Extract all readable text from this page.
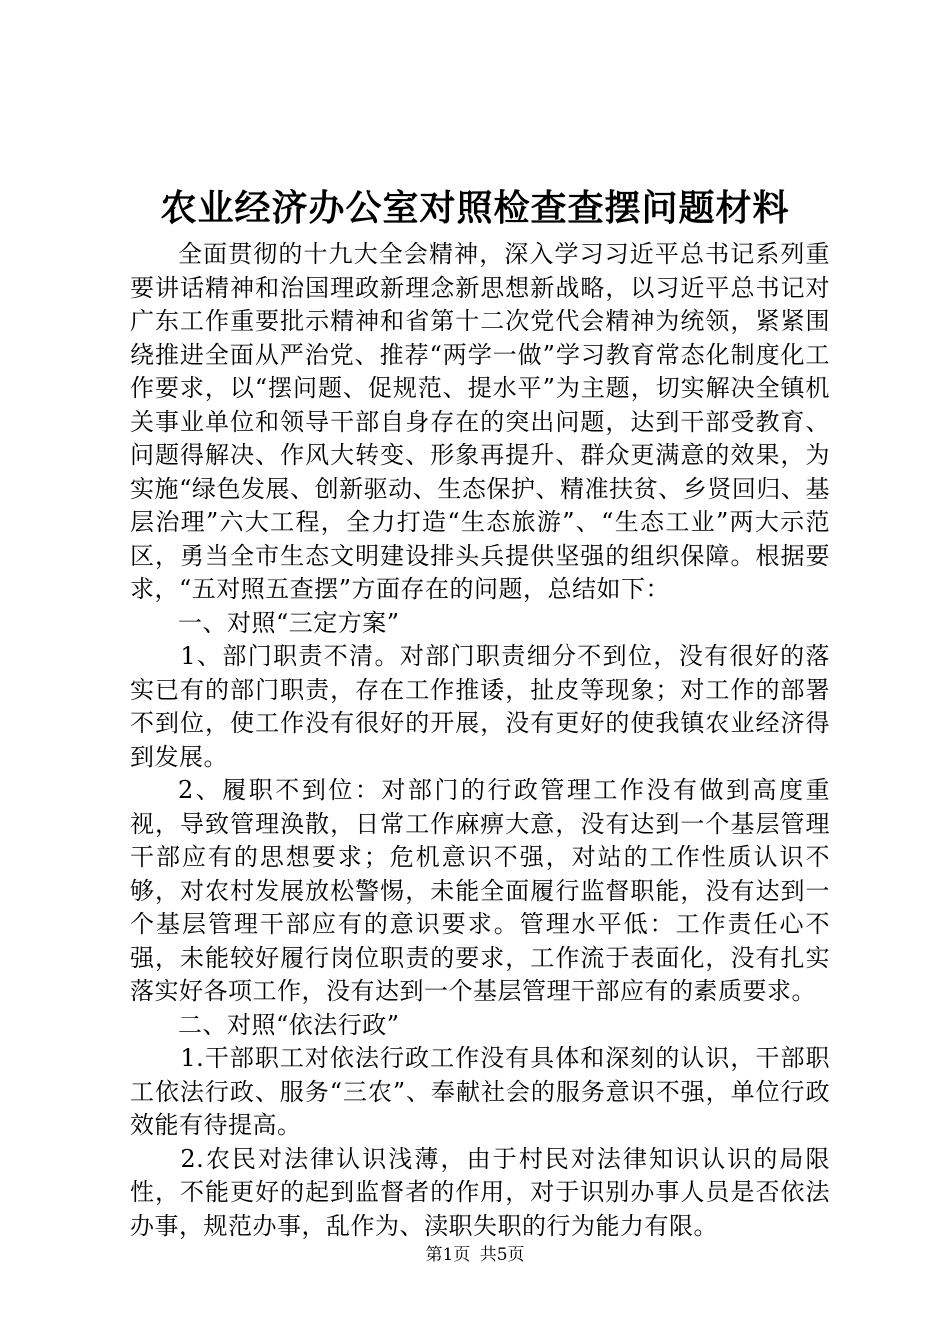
农业经济办公室对照检查查摆问题材料

全面贯彻的十九大全会精神，深入学习习近平总书记系列重要讲话精神和治国理政新理念新思想新战略，以习近平总书记对广东工作重要批示精神和省第十二次党代会精神为统领，紧紧围绕推进全面从严治党、推荐“两学一做”学习教育常态化制度化工作要求，以“摆问题、促规范、提水平”为主题，切实解决全镇机关事业单位和领导干部自身存在的突出问题，达到干部受教育、问题得解决、作风大转变、形象再提升、群众更满意的效果，为实施“绿色发展、创新驱动、生态保护、精准扶贫、乡贤回归、基层治理”六大工程，全力打造“生态旅游”、“生态工业”两大示范区，勇当全市生态文明建设排头兵提供坚强的组织保障。根据要求，“五对照五查摆”方面存在的问题，总结如下：

一、对照“三定方案”

1、部门职责不清。对部门职责细分不到位，没有很好的落实已有的部门职责，存在工作推诿，扯皮等现象；对工作的部署不到位，使工作没有很好的开展，没有更好的使我镇农业经济得到发展。

2、履职不到位：对部门的行政管理工作没有做到高度重视，导致管理涣散，日常工作麻痹大意，没有达到一个基层管理干部应有的思想要求；危机意识不强，对站的工作性质认识不够，对农村发展放松警惕，未能全面履行监督职能，没有达到一个基层管理干部应有的意识要求。管理水平低：工作责任心不强，未能较好履行岗位职责的要求，工作流于表面化，没有扎实落实好各项工作，没有达到一个基层管理干部应有的素质要求。

二、对照“依法行政”

1.干部职工对依法行政工作没有具体和深刻的认识，干部职工依法行政、服务“三农”、奉献社会的服务意识不强，单位行政效能有待提高。

2.农民对法律认识浅薄，由于村民对法律知识认识的局限性，不能更好的起到监督者的作用，对于识别办事人员是否依法办事，规范办事，乱作为、渎职失职的行为能力有限。

第1页 共5页
